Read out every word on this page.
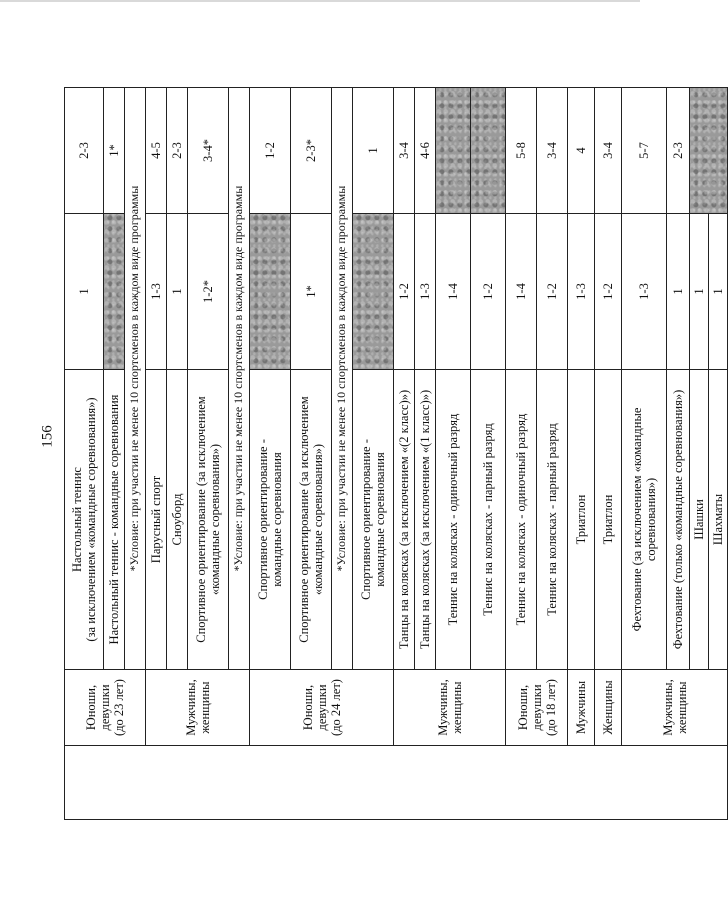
156
	Юноши,
девушки
(до 23 лет)	Настольный теннис
(за исключением «командные соревнования»)	1	2-3
		Настольный теннис - командные соревнования		1*
		*Условие: при участии не менее 10 спортсменов в каждом виде программы		
	Мужчины,
женщины	Парусный спорт	1-3	4-5
		Сноуборд	1	2-3
		Спортивное ориентирование (за исключением
«командные соревнования»)	1-2*	3-4*
		*Условие: при участии не менее 10 спортсменов в каждом виде программы		
	Юноши,
девушки
(до 24 лет)	Спортивное ориентирование -
командные соревнования		1-2
		Спортивное ориентирование (за исключением
«командные соревнования»)	1*	2-3*
		*Условие: при участии не менее 10 спортсменов в каждом виде программы		
		Спортивное ориентирование -
командные соревнования		1
	Мужчины,
женщины	Танцы на колясках (за исключением «(2 класс)»)	1-2	3-4
		Танцы на колясках (за исключением «(1 класс)»)	1-3	4-6
		Теннис на колясках - одиночный разряд	1-4	
		Теннис на колясках - парный разряд	1-2	
	Юноши,
девушки
(до 18 лет)	Теннис на колясках - одиночный разряд	1-4	5-8
		Теннис на колясках - парный разряд	1-2	3-4
	Мужчины	Триатлон	1-3	4
	Женщины	Триатлон	1-2	3-4
	Мужчины,
женщины	Фехтование (за исключением «командные
соревнования»)	1-3	5-7
		Фехтование (только «командные соревнования»)	1	2-3
		Шашки	1	
		Шахматы	1	
